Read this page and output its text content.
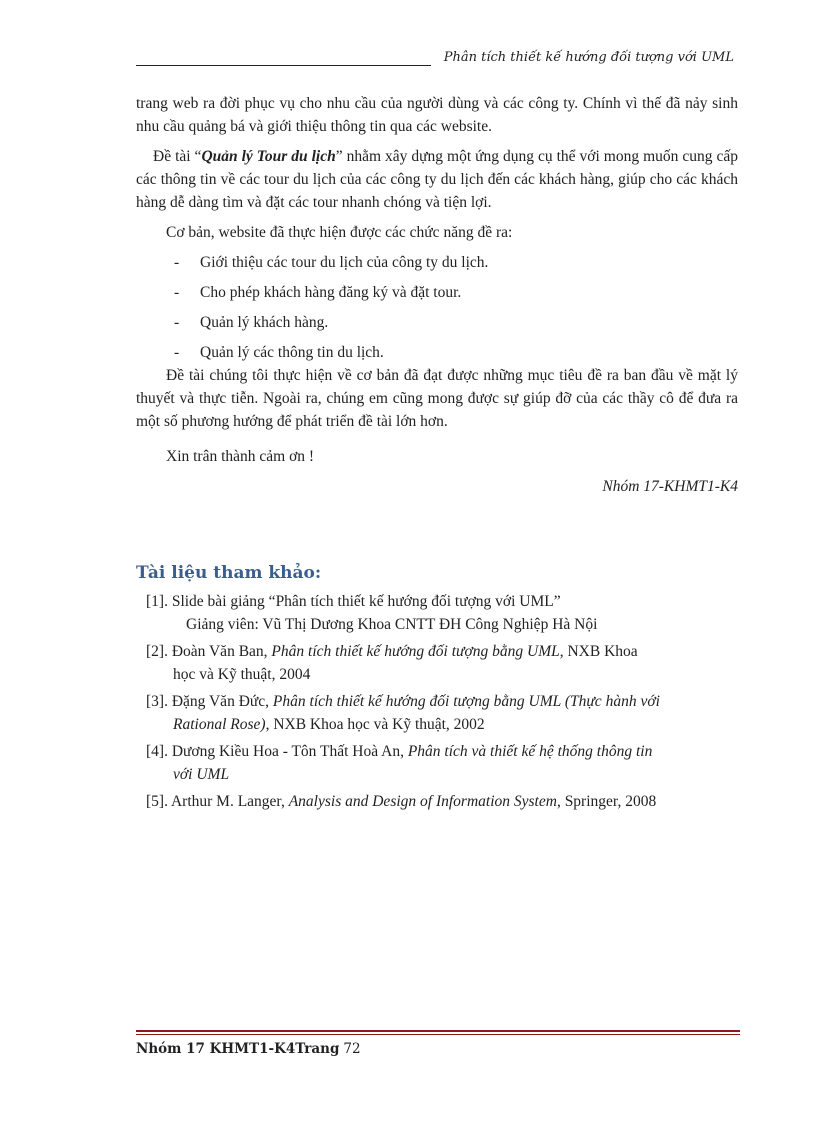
Phân tích thiết kế hướng đối tượng với UML

trang web ra đời phục vụ cho nhu cầu của người dùng và các công ty. Chính vì thế đã nảy sinh nhu cầu quảng bá và giới thiệu thông tin qua các website.

Đề tài “Quản lý Tour du lịch” nhằm xây dựng một ứng dụng cụ thể với mong muốn cung cấp các thông tin về các tour du lịch của các công ty du lịch đến các khách hàng, giúp cho các khách hàng dễ dàng tìm và đặt các tour nhanh chóng và tiện lợi.

Cơ bản, website đã thực hiện được các chức năng đề ra:

-	Giới thiệu các tour du lịch của công ty du lịch.
-	Cho phép khách hàng đăng ký và đặt tour.
-	Quản lý khách hàng.
-	Quản lý các thông tin du lịch.

Đề tài chúng tôi thực hiện về cơ bản đã đạt được những mục tiêu đề ra ban đầu về mặt lý thuyết và thực tiễn. Ngoài ra, chúng em cũng mong được sự giúp đỡ của các thầy cô để đưa ra một số phương hướng để phát triển đề tài lớn hơn.

Xin trân thành cảm ơn !

Nhóm 17-KHMT1-K4

Tài liệu tham khảo:

[1]. Slide bài giảng “Phân tích thiết kế hướng đối tượng với UML”
Giảng viên: Vũ Thị Dương Khoa CNTT ĐH Công Nghiệp Hà Nội

[2]. Đoàn Văn Ban, Phân tích thiết kế hướng đối tượng bằng UML, NXB Khoa
học và Kỹ thuật, 2004

[3]. Đặng Văn Đức, Phân tích thiết kế hướng đối tượng bằng UML (Thực hành với
Rational Rose), NXB Khoa học và Kỹ thuật, 2002

[4]. Dương Kiều Hoa - Tôn Thất Hoà An, Phân tích và thiết kế hệ thống thông tin
với UML

[5]. Arthur M. Langer, Analysis and Design of Information System, Springer, 2008

Nhóm 17 KHMT1-K4Trang 72
